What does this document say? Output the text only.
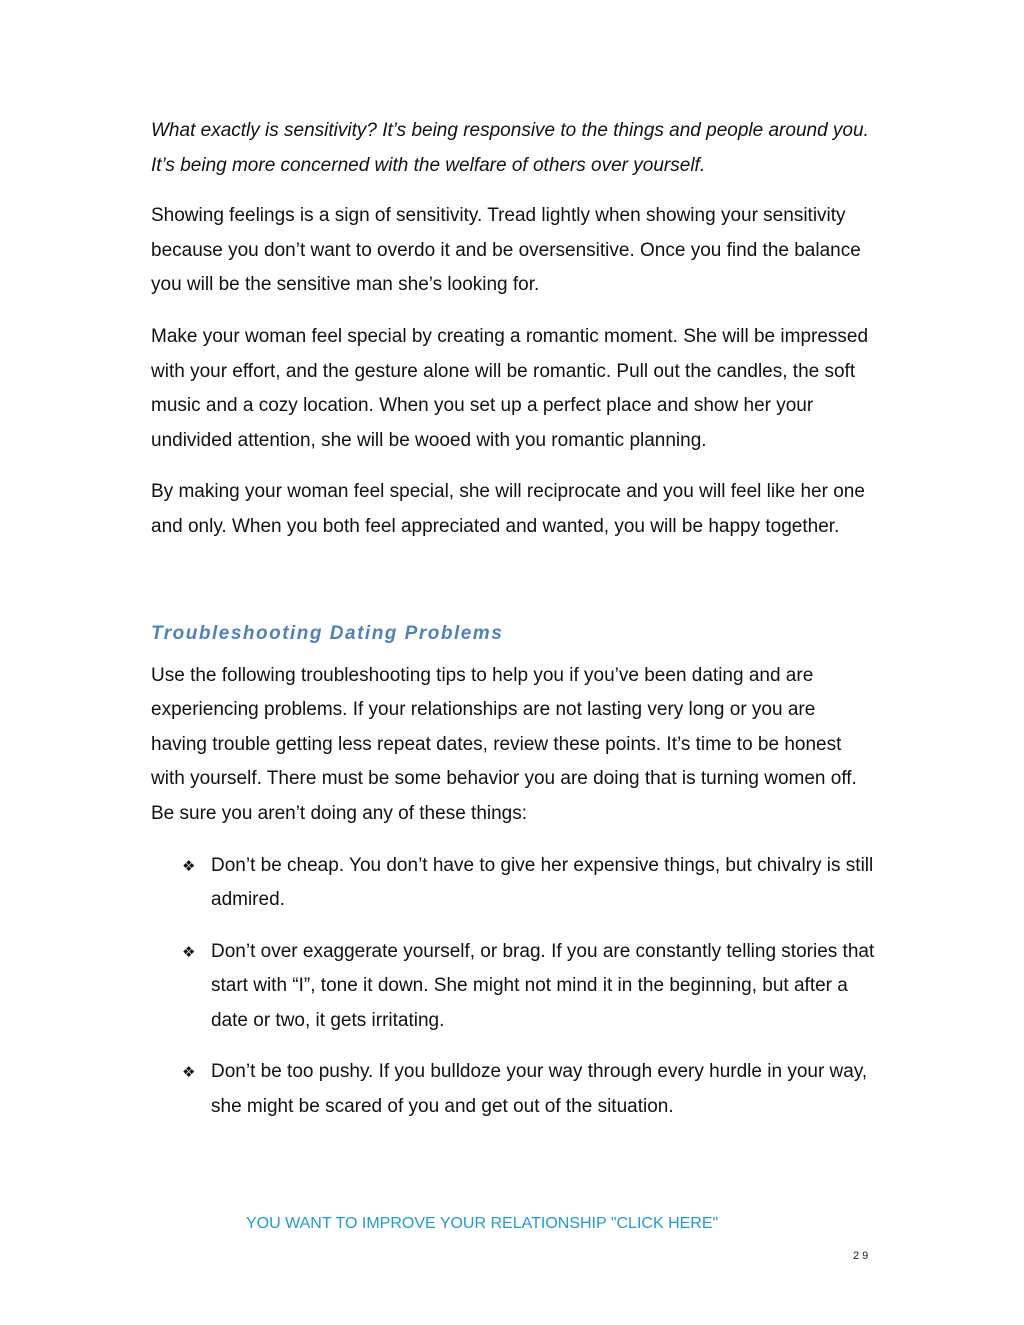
What exactly is sensitivity? It’s being responsive to the things and people around you. It’s being more concerned with the welfare of others over yourself.

Showing feelings is a sign of sensitivity. Tread lightly when showing your sensitivity because you don’t want to overdo it and be oversensitive. Once you find the balance you will be the sensitive man she’s looking for.

Make your woman feel special by creating a romantic moment. She will be impressed with your effort, and the gesture alone will be romantic. Pull out the candles, the soft music and a cozy location. When you set up a perfect place and show her your undivided attention, she will be wooed with you romantic planning.

By making your woman feel special, she will reciprocate and you will feel like her one and only. When you both feel appreciated and wanted, you will be happy together.

Troubleshooting Dating Problems

Use the following troubleshooting tips to help you if you’ve been dating and are experiencing problems. If your relationships are not lasting very long or you are having trouble getting less repeat dates, review these points. It’s time to be honest with yourself. There must be some behavior you are doing that is turning women off. Be sure you aren’t doing any of these things:

❖ Don’t be cheap. You don’t have to give her expensive things, but chivalry is still admired.
❖ Don’t over exaggerate yourself, or brag. If you are constantly telling stories that start with “I”, tone it down. She might not mind it in the beginning, but after a date or two, it gets irritating.
❖ Don’t be too pushy. If you bulldoze your way through every hurdle in your way, she might be scared of you and get out of the situation.
YOU WANT TO IMPROVE YOUR RELATIONSHIP "CLICK HERE"
29
